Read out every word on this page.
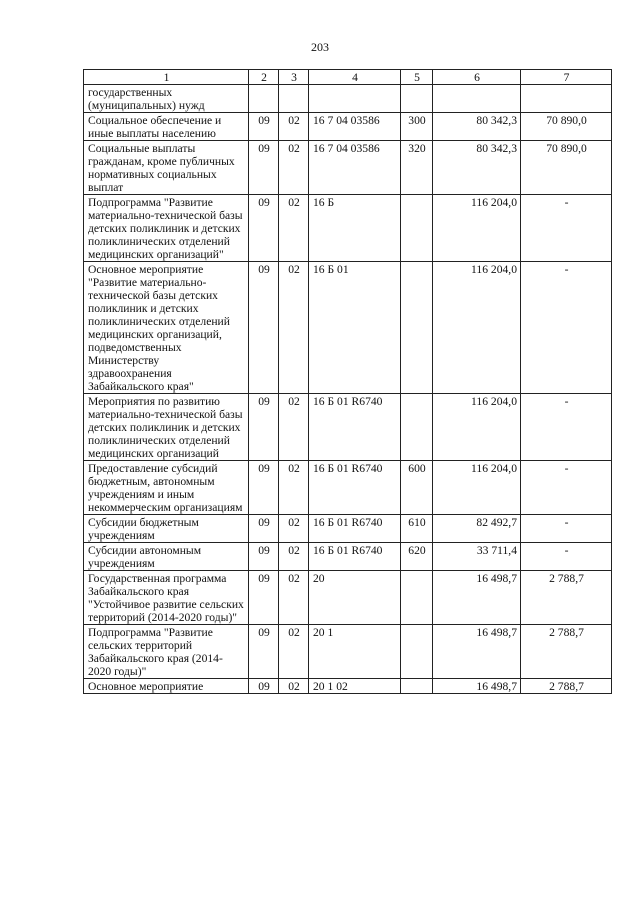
203
1	2	3	4	5	6	7
государственных (муниципальных) нужд						
Социальное обеспечение и иные выплаты населению	09	02	16 7 04 03586	300	80 342,3	70 890,0
Социальные выплаты гражданам, кроме публичных нормативных социальных выплат	09	02	16 7 04 03586	320	80 342,3	70 890,0
Подпрограмма "Развитие материально-технической базы детских поликлиник и детских поликлинических отделений медицинских организаций"	09	02	16 Б		116 204,0	-
Основное мероприятие "Развитие материально-технической базы детских поликлиник и детских поликлинических отделений медицинских организаций, подведомственных Министерству здравоохранения Забайкальского края"	09	02	16 Б 01		116 204,0	-
Мероприятия по развитию материально-технической базы детских поликлиник и детских поликлинических отделений медицинских организаций	09	02	16 Б 01 R6740		116 204,0	-
Предоставление субсидий бюджетным, автономным учреждениям и иным некоммерческим организациям	09	02	16 Б 01 R6740	600	116 204,0	-
Субсидии бюджетным учреждениям	09	02	16 Б 01 R6740	610	82 492,7	-
Субсидии автономным учреждениям	09	02	16 Б 01 R6740	620	33 711,4	-
Государственная программа Забайкальского края "Устойчивое развитие сельских территорий (2014-2020 годы)"	09	02	20		16 498,7	2 788,7
Подпрограмма "Развитие сельских территорий Забайкальского края (2014-2020 годы)"	09	02	20 1		16 498,7	2 788,7
Основное мероприятие	09	02	20 1 02		16 498,7	2 788,7
